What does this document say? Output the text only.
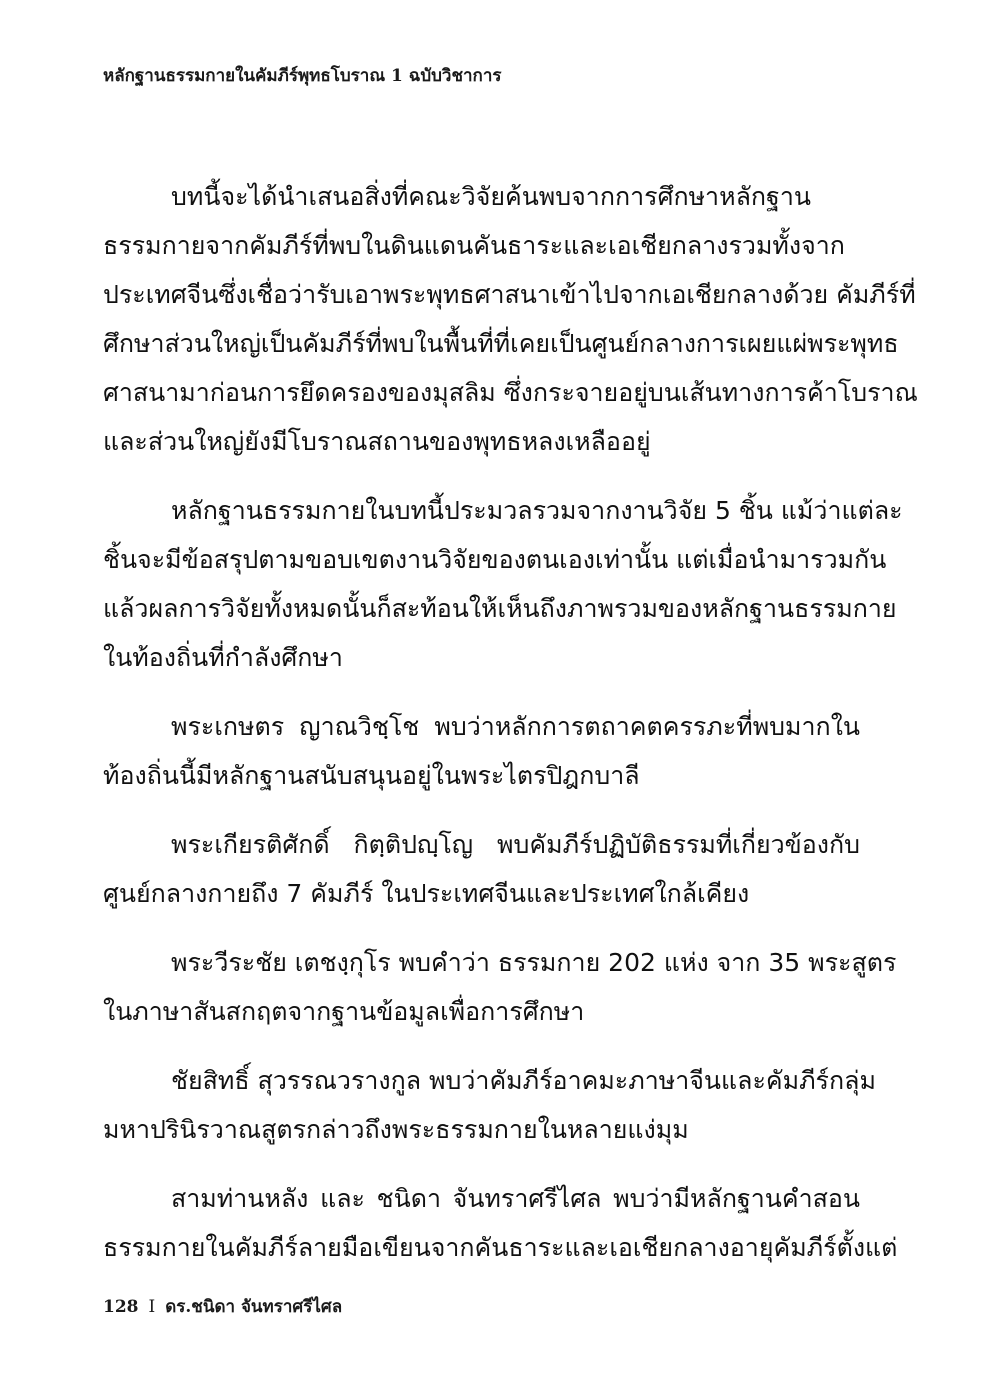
หลักฐานธรรมกายในคัมภีร์พุทธโบราณ 1 ฉบับวิชาการ
บทนี้จะได้นำเสนอสิ่งที่คณะวิจัยค้นพบจากการศึกษาหลักฐาน
ธรรมกายจากคัมภีร์ที่พบในดินแดนคันธาระและเอเชียกลางรวมทั้งจาก
ประเทศจีนซึ่งเชื่อว่ารับเอาพระพุทธศาสนาเข้าไปจากเอเชียกลางด้วย คัมภีร์ที่
ศึกษาส่วนใหญ่เป็นคัมภีร์ที่พบในพื้นที่ที่เคยเป็นศูนย์กลางการเผยแผ่พระพุทธ
ศาสนามาก่อนการยึดครองของมุสลิม ซึ่งกระจายอยู่บนเส้นทางการค้าโบราณ
และส่วนใหญ่ยังมีโบราณสถานของพุทธหลงเหลืออยู่
หลักฐานธรรมกายในบทนี้ประมวลรวมจากงานวิจัย 5 ชิ้น แม้ว่าแต่ละ
ชิ้นจะมีข้อสรุปตามขอบเขตงานวิจัยของตนเองเท่านั้น แต่เมื่อนำมารวมกัน
แล้วผลการวิจัยทั้งหมดนั้นก็สะท้อนให้เห็นถึงภาพรวมของหลักฐานธรรมกาย
ในท้องถิ่นที่กำลังศึกษา
พระเกษตร ญาณวิชฺโช พบว่าหลักการตถาคตครรภะที่พบมากใน
ท้องถิ่นนี้มีหลักฐานสนับสนุนอยู่ในพระไตรปิฎกบาลี
พระเกียรติศักดิ์ กิตฺติปญฺโญ พบคัมภีร์ปฏิบัติธรรมที่เกี่ยวข้องกับ
ศูนย์กลางกายถึง 7 คัมภีร์ ในประเทศจีนและประเทศใกล้เคียง
พระวีระชัย เตชงฺกุโร พบคำว่า ธรรมกาย 202 แห่ง จาก 35 พระสูตร
ในภาษาสันสกฤตจากฐานข้อมูลเพื่อการศึกษา
ชัยสิทธิ์ สุวรรณวรางกูล พบว่าคัมภีร์อาคมะภาษาจีนและคัมภีร์กลุ่ม
มหาปรินิรวาณสูตรกล่าวถึงพระธรรมกายในหลายแง่มุม
สามท่านหลัง และ ชนิดา จันทราศรีไศล พบว่ามีหลักฐานคำสอน
ธรรมกายในคัมภีร์ลายมือเขียนจากคันธาระและเอเชียกลางอายุคัมภีร์ตั้งแต่
128 I ดร.ชนิดา จันทราศรีไศล
